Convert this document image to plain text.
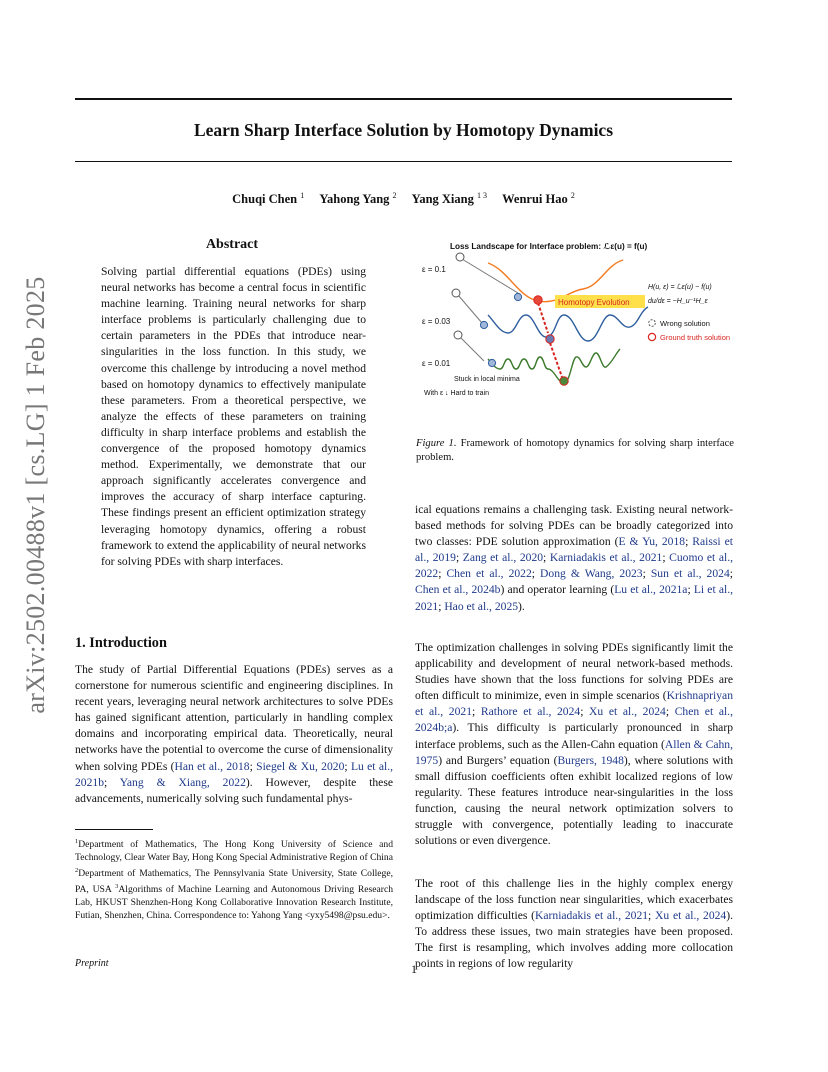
Learn Sharp Interface Solution by Homotopy Dynamics
Chuqi Chen $^1$ Yahong Yang $^2$ Yang Xiang $^{1 3}$ Wenrui Hao $^2$
arXiv:2502.00488v1 [cs.LG] 1 Feb 2025
Abstract
Solving partial differential equations (PDEs) using neural networks has become a central focus in scientific machine learning. Training neural networks for sharp interface problems is particularly challenging due to certain parameters in the PDEs that introduce near-singularities in the loss function. In this study, we overcome this challenge by introducing a novel method based on homotopy dynamics to effectively manipulate these parameters. From a theoretical perspective, we analyze the effects of these parameters on training difficulty in sharp interface problems and establish the convergence of the proposed homotopy dynamics method. Experimentally, we demonstrate that our approach significantly accelerates convergence and improves the accuracy of sharp interface capturing. These findings present an efficient optimization strategy leveraging homotopy dynamics, offering a robust framework to extend the applicability of neural networks for solving PDEs with sharp interfaces.
1. Introduction
The study of Partial Differential Equations (PDEs) serves as a cornerstone for numerous scientific and engineering disciplines. In recent years, leveraging neural network architectures to solve PDEs has gained significant attention, particularly in handling complex domains and incorporating empirical data. Theoretically, neural networks have the potential to overcome the curse of dimensionality when solving PDEs (Han et al., 2018; Siegel & Xu, 2020; Lu et al., 2021b; Yang & Xiang, 2022). However, despite these advancements, numerically solving such fundamental phys-
$^1$Department of Mathematics, The Hong Kong University of Science and Technology, Clear Water Bay, Hong Kong Special Administrative Region of China $^2$Department of Mathematics, The Pennsylvania State University, State College, PA, USA $^3$Algorithms of Machine Learning and Autonomous Driving Research Lab, HKUST Shenzhen-Hong Kong Collaborative Innovation Research Institute, Futian, Shenzhen, China. Correspondence to: Yahong Yang <yxy5498@psu.edu>.
Preprint	1
Loss Landscape for Interface problem: ℒε(u) = f(u)
ε = 0.1
ε = 0.03
ε = 0.01
Homotopy Evolution
H(u, ε) = ℒε(u) − f(u)
du/dε = −H_u⁻¹H_ε
Wrong solution
Ground truth solution
Stuck in local minima
With ε ↓ Hard to train
Figure 1. Framework of homotopy dynamics for solving sharp interface problem.
ical equations remains a challenging task. Existing neural network-based methods for solving PDEs can be broadly categorized into two classes: PDE solution approximation (E & Yu, 2018; Raissi et al., 2019; Zang et al., 2020; Karniadakis et al., 2021; Cuomo et al., 2022; Chen et al., 2022; Dong & Wang, 2023; Sun et al., 2024; Chen et al., 2024b) and operator learning (Lu et al., 2021a; Li et al., 2021; Hao et al., 2025).
The optimization challenges in solving PDEs significantly limit the applicability and development of neural network-based methods. Studies have shown that the loss functions for solving PDEs are often difficult to minimize, even in simple scenarios (Krishnapriyan et al., 2021; Rathore et al., 2024; Xu et al., 2024; Chen et al., 2024b;a). This difficulty is particularly pronounced in sharp interface problems, such as the Allen-Cahn equation (Allen & Cahn, 1975) and Burgers’ equation (Burgers, 1948), where solutions with small diffusion coefficients often exhibit localized regions of low regularity. These features introduce near-singularities in the loss function, causing the neural network optimization solvers to struggle with convergence, potentially leading to inaccurate solutions or even divergence.
The root of this challenge lies in the highly complex energy landscape of the loss function near singularities, which exacerbates optimization difficulties (Karniadakis et al., 2021; Xu et al., 2024). To address these issues, two main strategies have been proposed. The first is resampling, which involves adding more collocation points in regions of low regularity
